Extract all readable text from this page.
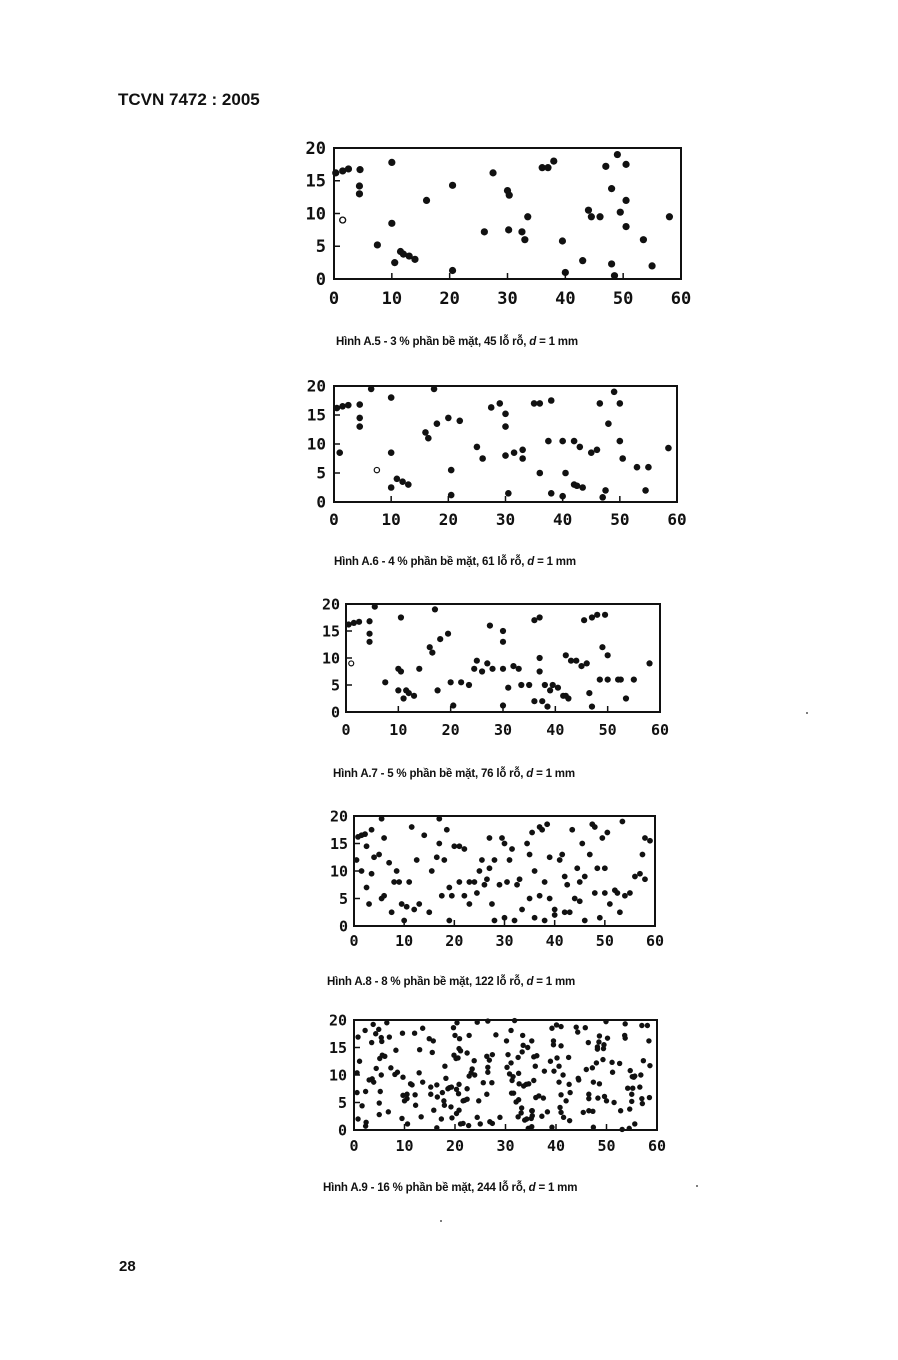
TCVN 7472 : 2005
0 10 20 30 40 50 60
0
5
10
15
20
Hình A.5 - 3 % phần bề mặt, 45 lỗ rỗ, d = 1 mm
0	10 20 30 40 50 60
0
5
10
15
20
Hình A.6 - 4 % phần bề mặt, 61 lỗ rỗ, d = 1 mm
0	10 20 30 40 50 60
0
5
10
15
20
Hình A.7 - 5 % phần bề mặt, 76 lỗ rỗ, d = 1 mm
0 10 20 30 40 50 60
0
5
10
15
20
Hình A.8 - 8 % phần bề mặt, 122 lỗ rỗ, d = 1 mm
0 10 20 30 40 50 60
0
5
10
15
20
Hình A.9 - 16 % phần bề mặt, 244 lỗ rỗ, d = 1 mm
28
